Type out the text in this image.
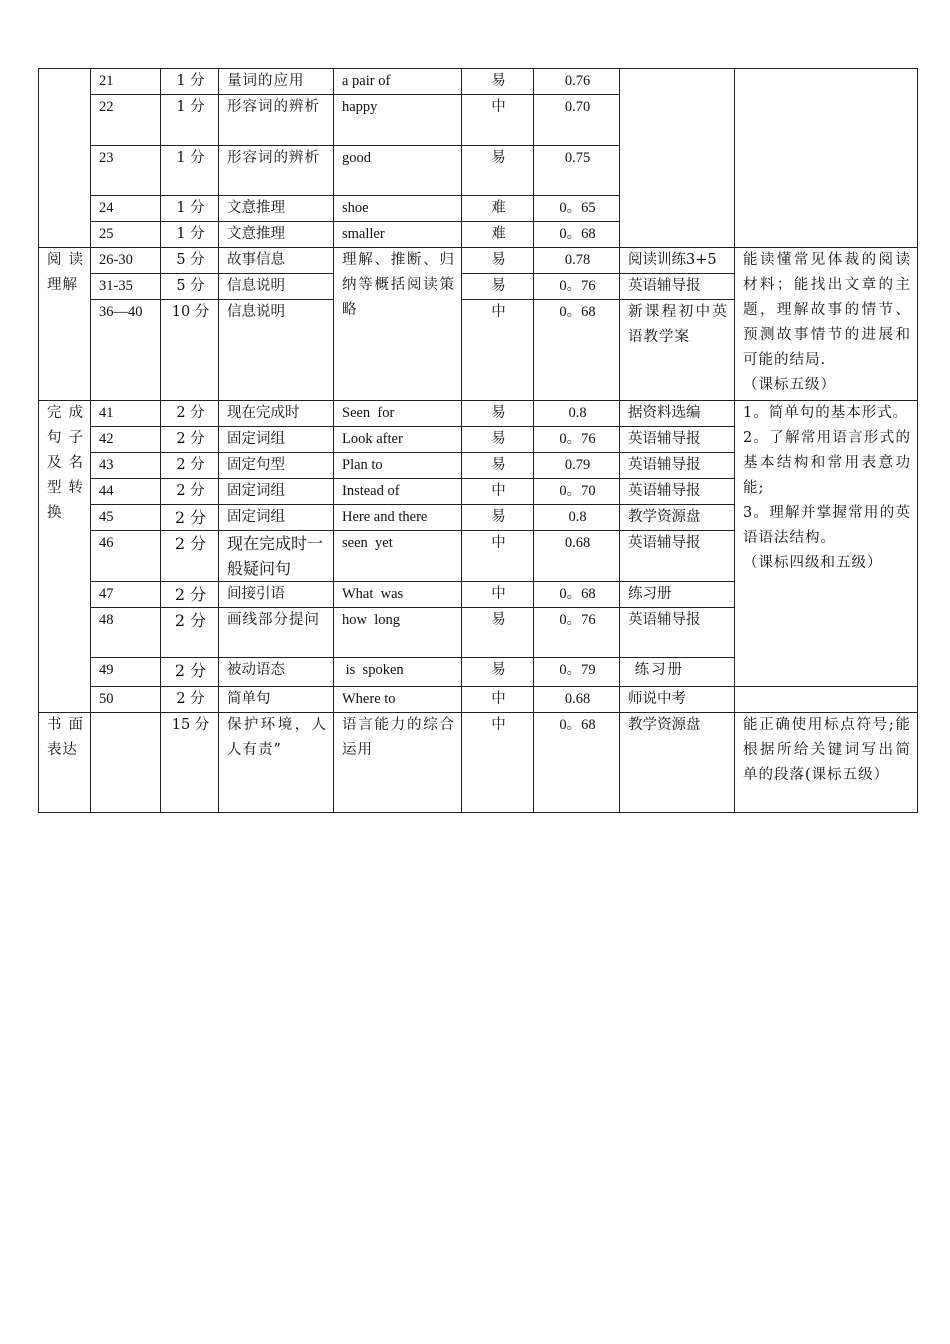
	21	1 分	量词的应用	a pair of	易	0.76		
	22	1 分	形容词的辨析	happy	中	0.70		
	23	1 分	形容词的辨析	good	易	0.75		
	24	1 分	文意推理	shoe	难	0。65		
	25	1 分	文意推理	smaller	难	0。68		
阅读理解	26-30	5 分	故事信息	理解、推断、归纳等概括阅读策略	易	0.78	阅读训练3+5	能读懂常见体裁的阅读材料；能找出文章的主题，理解故事的情节、预测故事情节的进展和可能的结局.
（课标五级）

	31-35	5 分	信息说明		易	0。76	英语辅导报	
	36—40	10 分	信息说明		中	0。68	新课程初中英语教学案	
完成句子及名型转换	41	2 分	现在完成时	Seen  for	易	0.8	据资料选编	1。简单句的基本形式。
2。了解常用语言形式的基本结构和常用表意功能;
3。理解并掌握常用的英语语法结构。
（课标四级和五级）

	42	2 分	固定词组	Look after	易	0。76	英语辅导报	
	43	2 分	固定句型	Plan to	易	0.79	英语辅导报	
	44	2 分	固定词组	Instead of	中	0。70	英语辅导报	
	45	2 分	固定词组	Here and there	易	0.8	教学资源盘	
	46	2 分	现在完成时一般疑问句	seen  yet	中	0.68	英语辅导报	
	47	2 分	间接引语	What  was	中	0。68	练习册	
	48	2 分	画线部分提问	how  long	易	0。76	英语辅导报	
	49	2 分	被动语态	is  spoken	易	0。79	练习册	
	50	2 分	简单句	Where to	中	0.68	师说中考	
书面表达		15 分	保护环境，人人有责”	语言能力的综合运用	中	0。68	教学资源盘	能正确使用标点符号;能根据所给关键词写出简单的段落(课标五级）
